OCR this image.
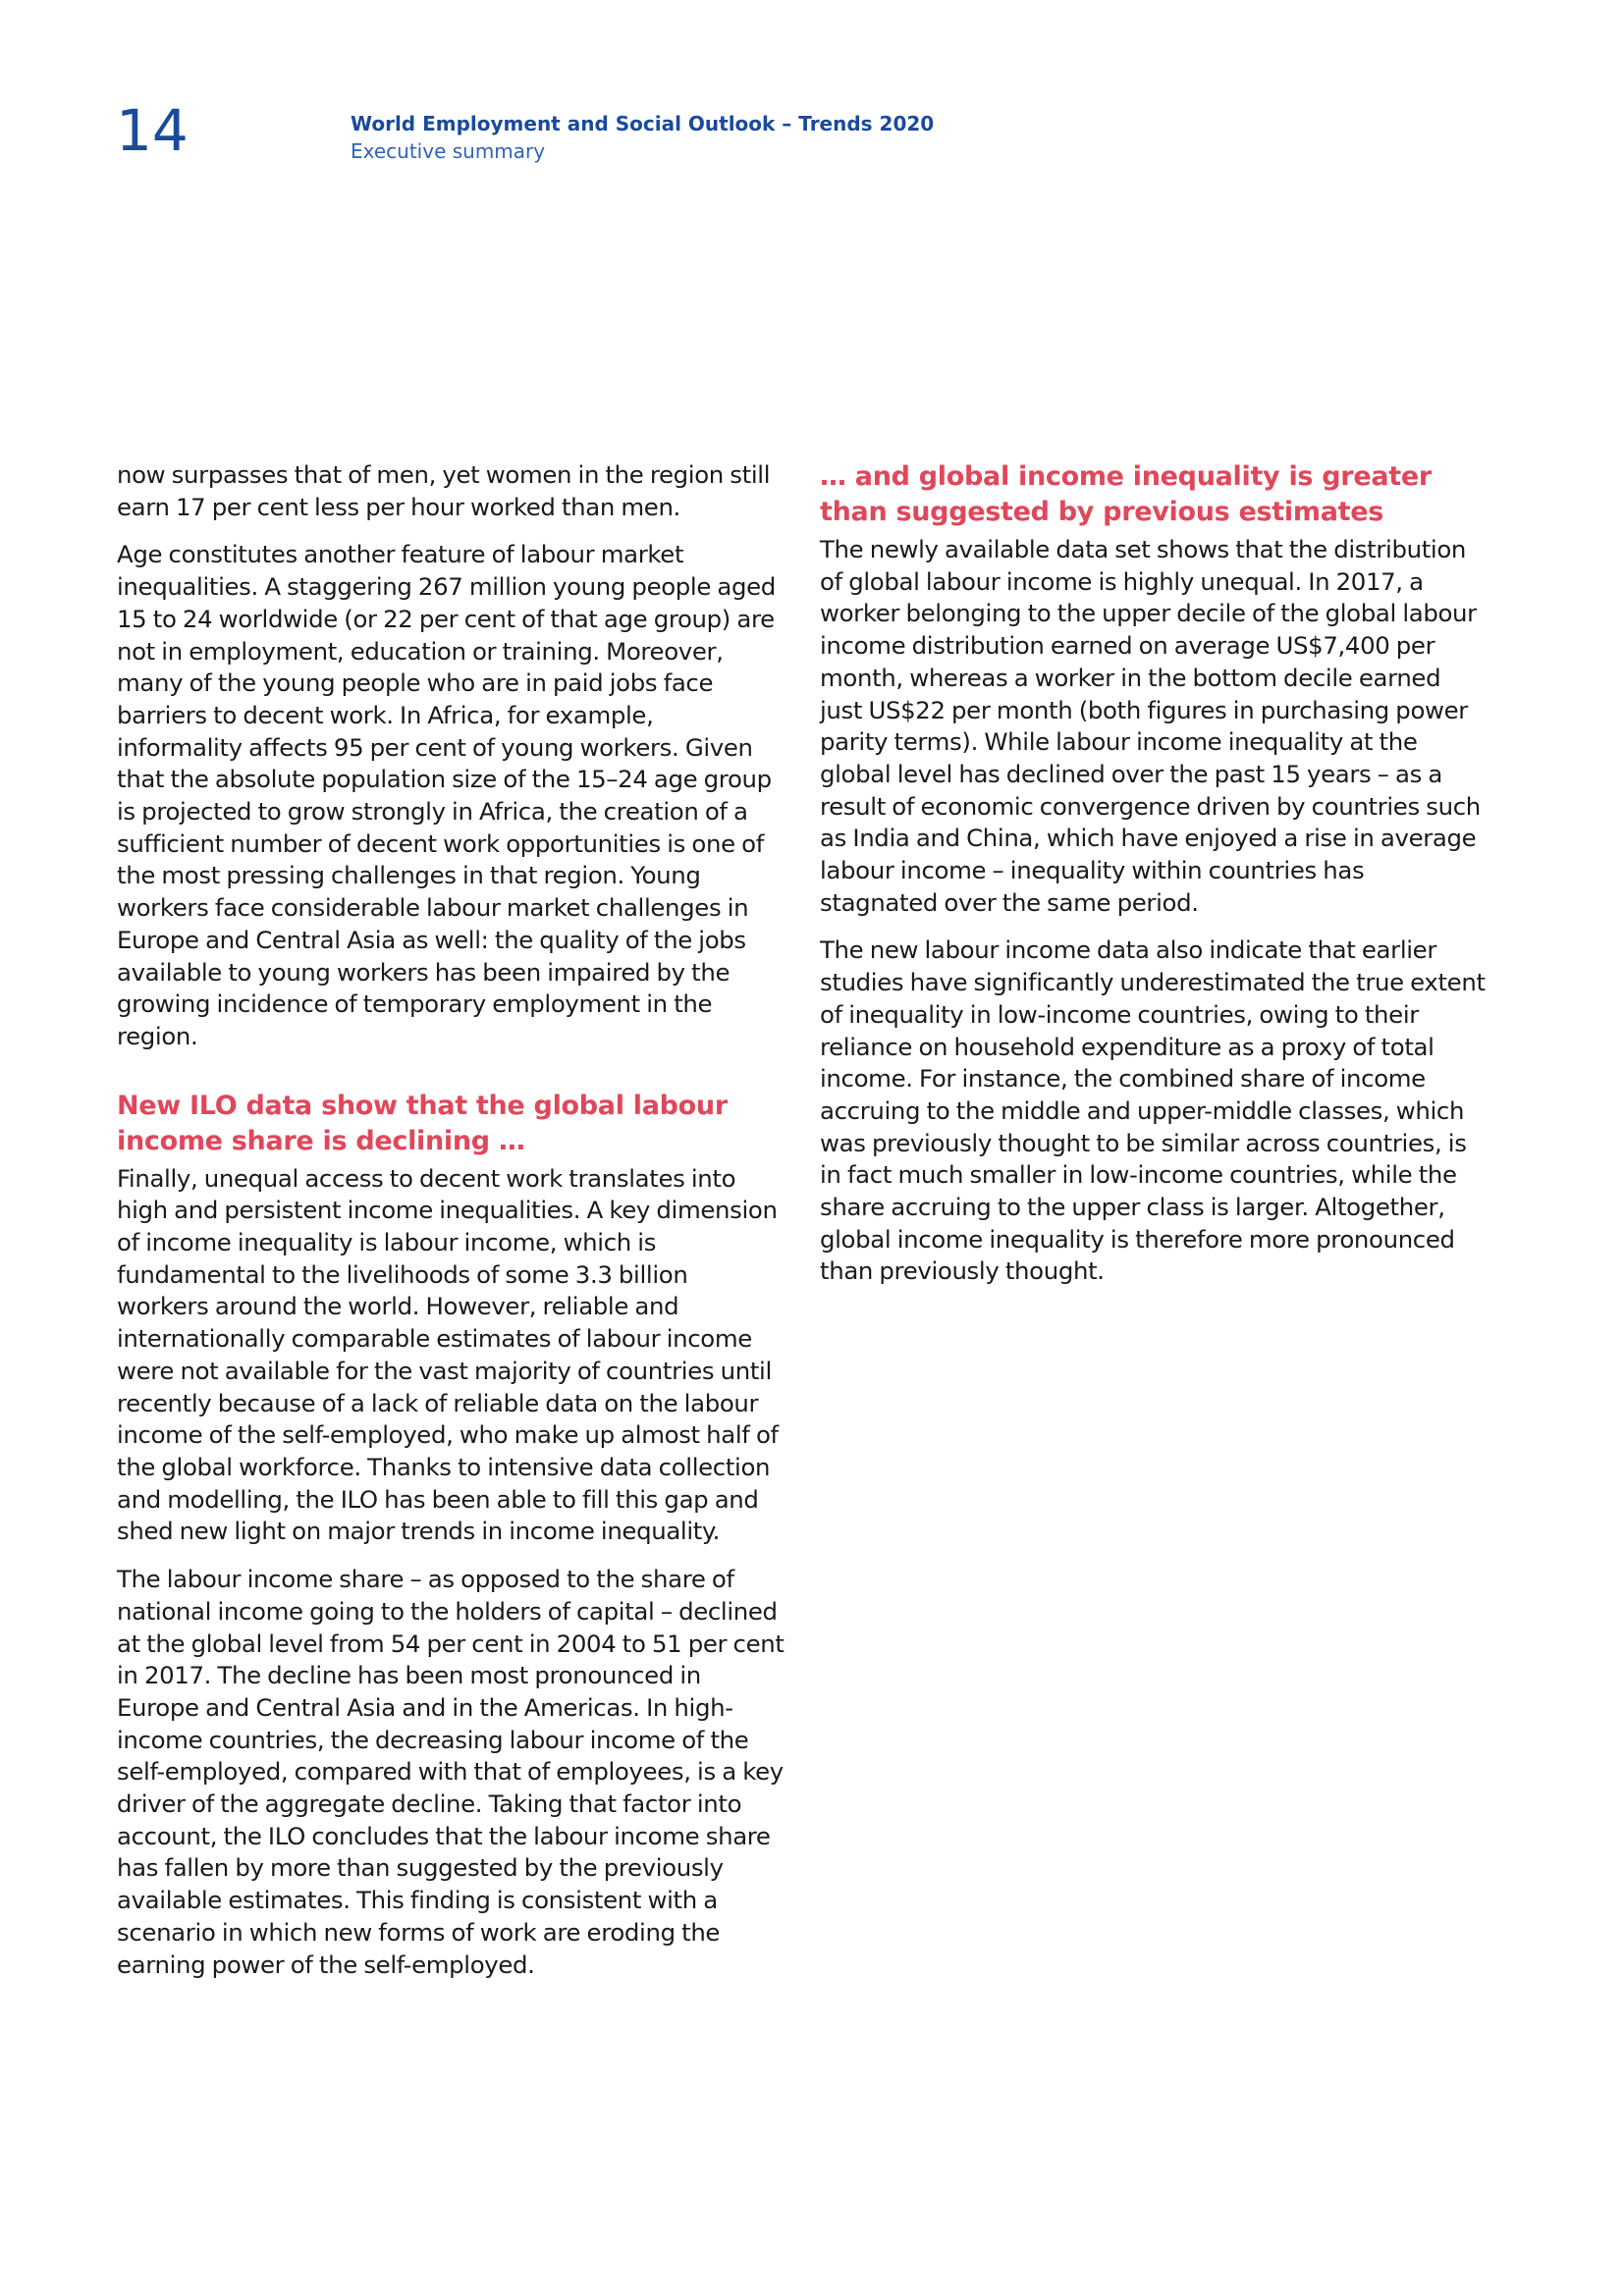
14	World Employment and Social Outlook – Trends 2020
Executive summary

now surpasses that of men, yet women in the region still earn 17 per cent less per hour worked than men.

Age constitutes another feature of labour market inequalities. A staggering 267 million young people aged 15 to 24 worldwide (or 22 per cent of that age group) are not in employment, education or training. Moreover, many of the young people who are in paid jobs face barriers to decent work. In Africa, for example, informality affects 95 per cent of young workers. Given that the absolute population size of the 15–24 age group is projected to grow strongly in Africa, the creation of a sufficient number of decent work opportunities is one of the most pressing challenges in that region. Young workers face considerable labour market challenges in Europe and Central Asia as well: the quality of the jobs available to young workers has been impaired by the growing incidence of temporary employment in the region.

New ILO data show that the global labour income share is declining …

Finally, unequal access to decent work translates into high and persistent income inequalities. A key dimension of income inequality is labour income, which is fundamental to the livelihoods of some 3.3 billion workers around the world. However, reliable and internationally comparable estimates of labour income were not available for the vast majority of countries until recently because of a lack of reliable data on the labour income of the self-employed, who make up almost half of the global workforce. Thanks to intensive data collection and modelling, the ILO has been able to fill this gap and shed new light on major trends in income inequality.

The labour income share – as opposed to the share of national income going to the holders of capital – declined at the global level from 54 per cent in 2004 to 51 per cent in 2017. The decline has been most pronounced in Europe and Central Asia and in the Americas. In high-income countries, the decreasing labour income of the self-employed, compared with that of employees, is a key driver of the aggregate decline. Taking that factor into account, the ILO concludes that the labour income share has fallen by more than suggested by the previously available estimates. This finding is consistent with a scenario in which new forms of work are eroding the earning power of the self-employed.

… and global income inequality is greater than suggested by previous estimates

The newly available data set shows that the distribution of global labour income is highly unequal. In 2017, a worker belonging to the upper decile of the global labour income distribution earned on average US$7,400 per month, whereas a worker in the bottom decile earned just US$22 per month (both figures in purchasing power parity terms). While labour income inequality at the global level has declined over the past 15 years – as a result of economic convergence driven by countries such as India and China, which have enjoyed a rise in average labour income – inequality within countries has stagnated over the same period.

The new labour income data also indicate that earlier studies have significantly underestimated the true extent of inequality in low-income countries, owing to their reliance on household expenditure as a proxy of total income. For instance, the combined share of income accruing to the middle and upper-middle classes, which was previously thought to be similar across countries, is in fact much smaller in low-income countries, while the share accruing to the upper class is larger. Altogether, global income inequality is therefore more pronounced than previously thought.
